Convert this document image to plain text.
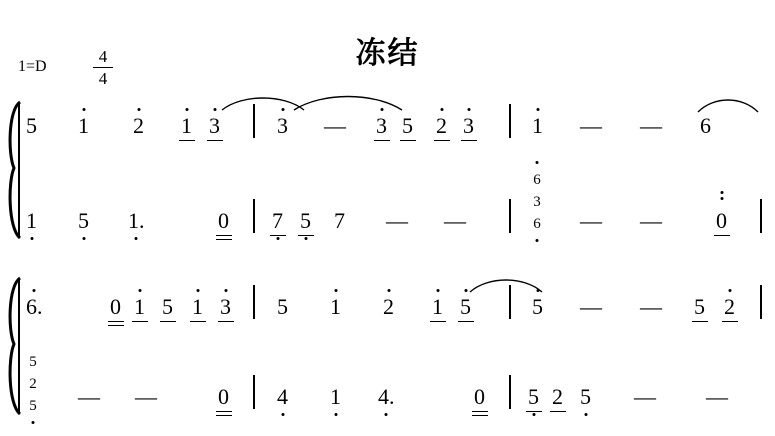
冻结
1=D
4
4
5 1 2 1 3	3 — 3 5 2 3	1 — — 6
1 5 1.	0 7 5 7 — —
6
3
6 — — 0
6.	0 1 5 1 3 5 1 2 1 5	5 — — 5 2
5
2
5 — —	0 4 1 4.	0 5 2 5 — —
